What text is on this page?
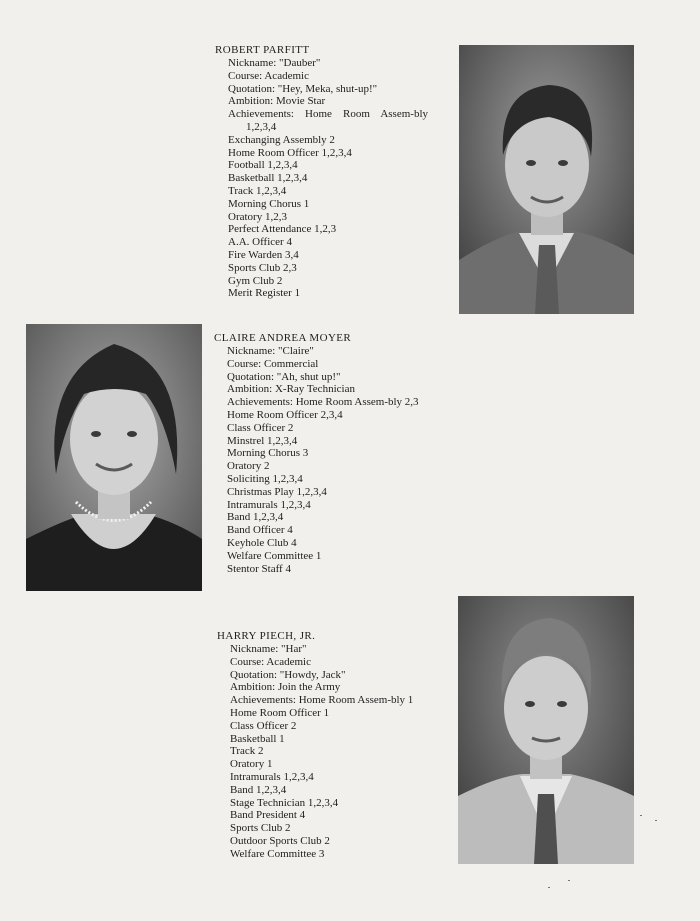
ROBERT PARFITT

Nickname: "Dauber"
Course: Academic
Quotation: "Hey, Meka, shut-up!"
Ambition: Movie Star
Achievements: Home Room Assem-bly 1,2,3,4
Exchanging Assembly 2
Home Room Officer 1,2,3,4
Football 1,2,3,4
Basketball 1,2,3,4
Track 1,2,3,4
Morning Chorus 1
Oratory 1,2,3
Perfect Attendance 1,2,3
A.A. Officer 4
Fire Warden 3,4
Sports Club 2,3
Gym Club 2
Merit Register 1

CLAIRE ANDREA MOYER

Nickname: "Claire"
Course: Commercial
Quotation: "Ah, shut up!"
Ambition: X-Ray Technician
Achievements: Home Room Assem-bly 2,3
Home Room Officer 2,3,4
Class Officer 2
Minstrel 1,2,3,4
Morning Chorus 3
Oratory 2
Soliciting 1,2,3,4
Christmas Play 1,2,3,4
Intramurals 1,2,3,4
Band 1,2,3,4
Band Officer 4
Keyhole Club 4
Welfare Committee 1
Stentor Staff 4

HARRY PIECH, JR.

Nickname: "Har"
Course: Academic
Quotation: "Howdy, Jack"
Ambition: Join the Army
Achievements: Home Room Assem-bly 1
Home Room Officer 1
Class Officer 2
Basketball 1
Track 2
Oratory 1
Intramurals 1,2,3,4
Band 1,2,3,4
Stage Technician 1,2,3,4
Band President 4
Sports Club 2
Outdoor Sports Club 2
Welfare Committee 3
